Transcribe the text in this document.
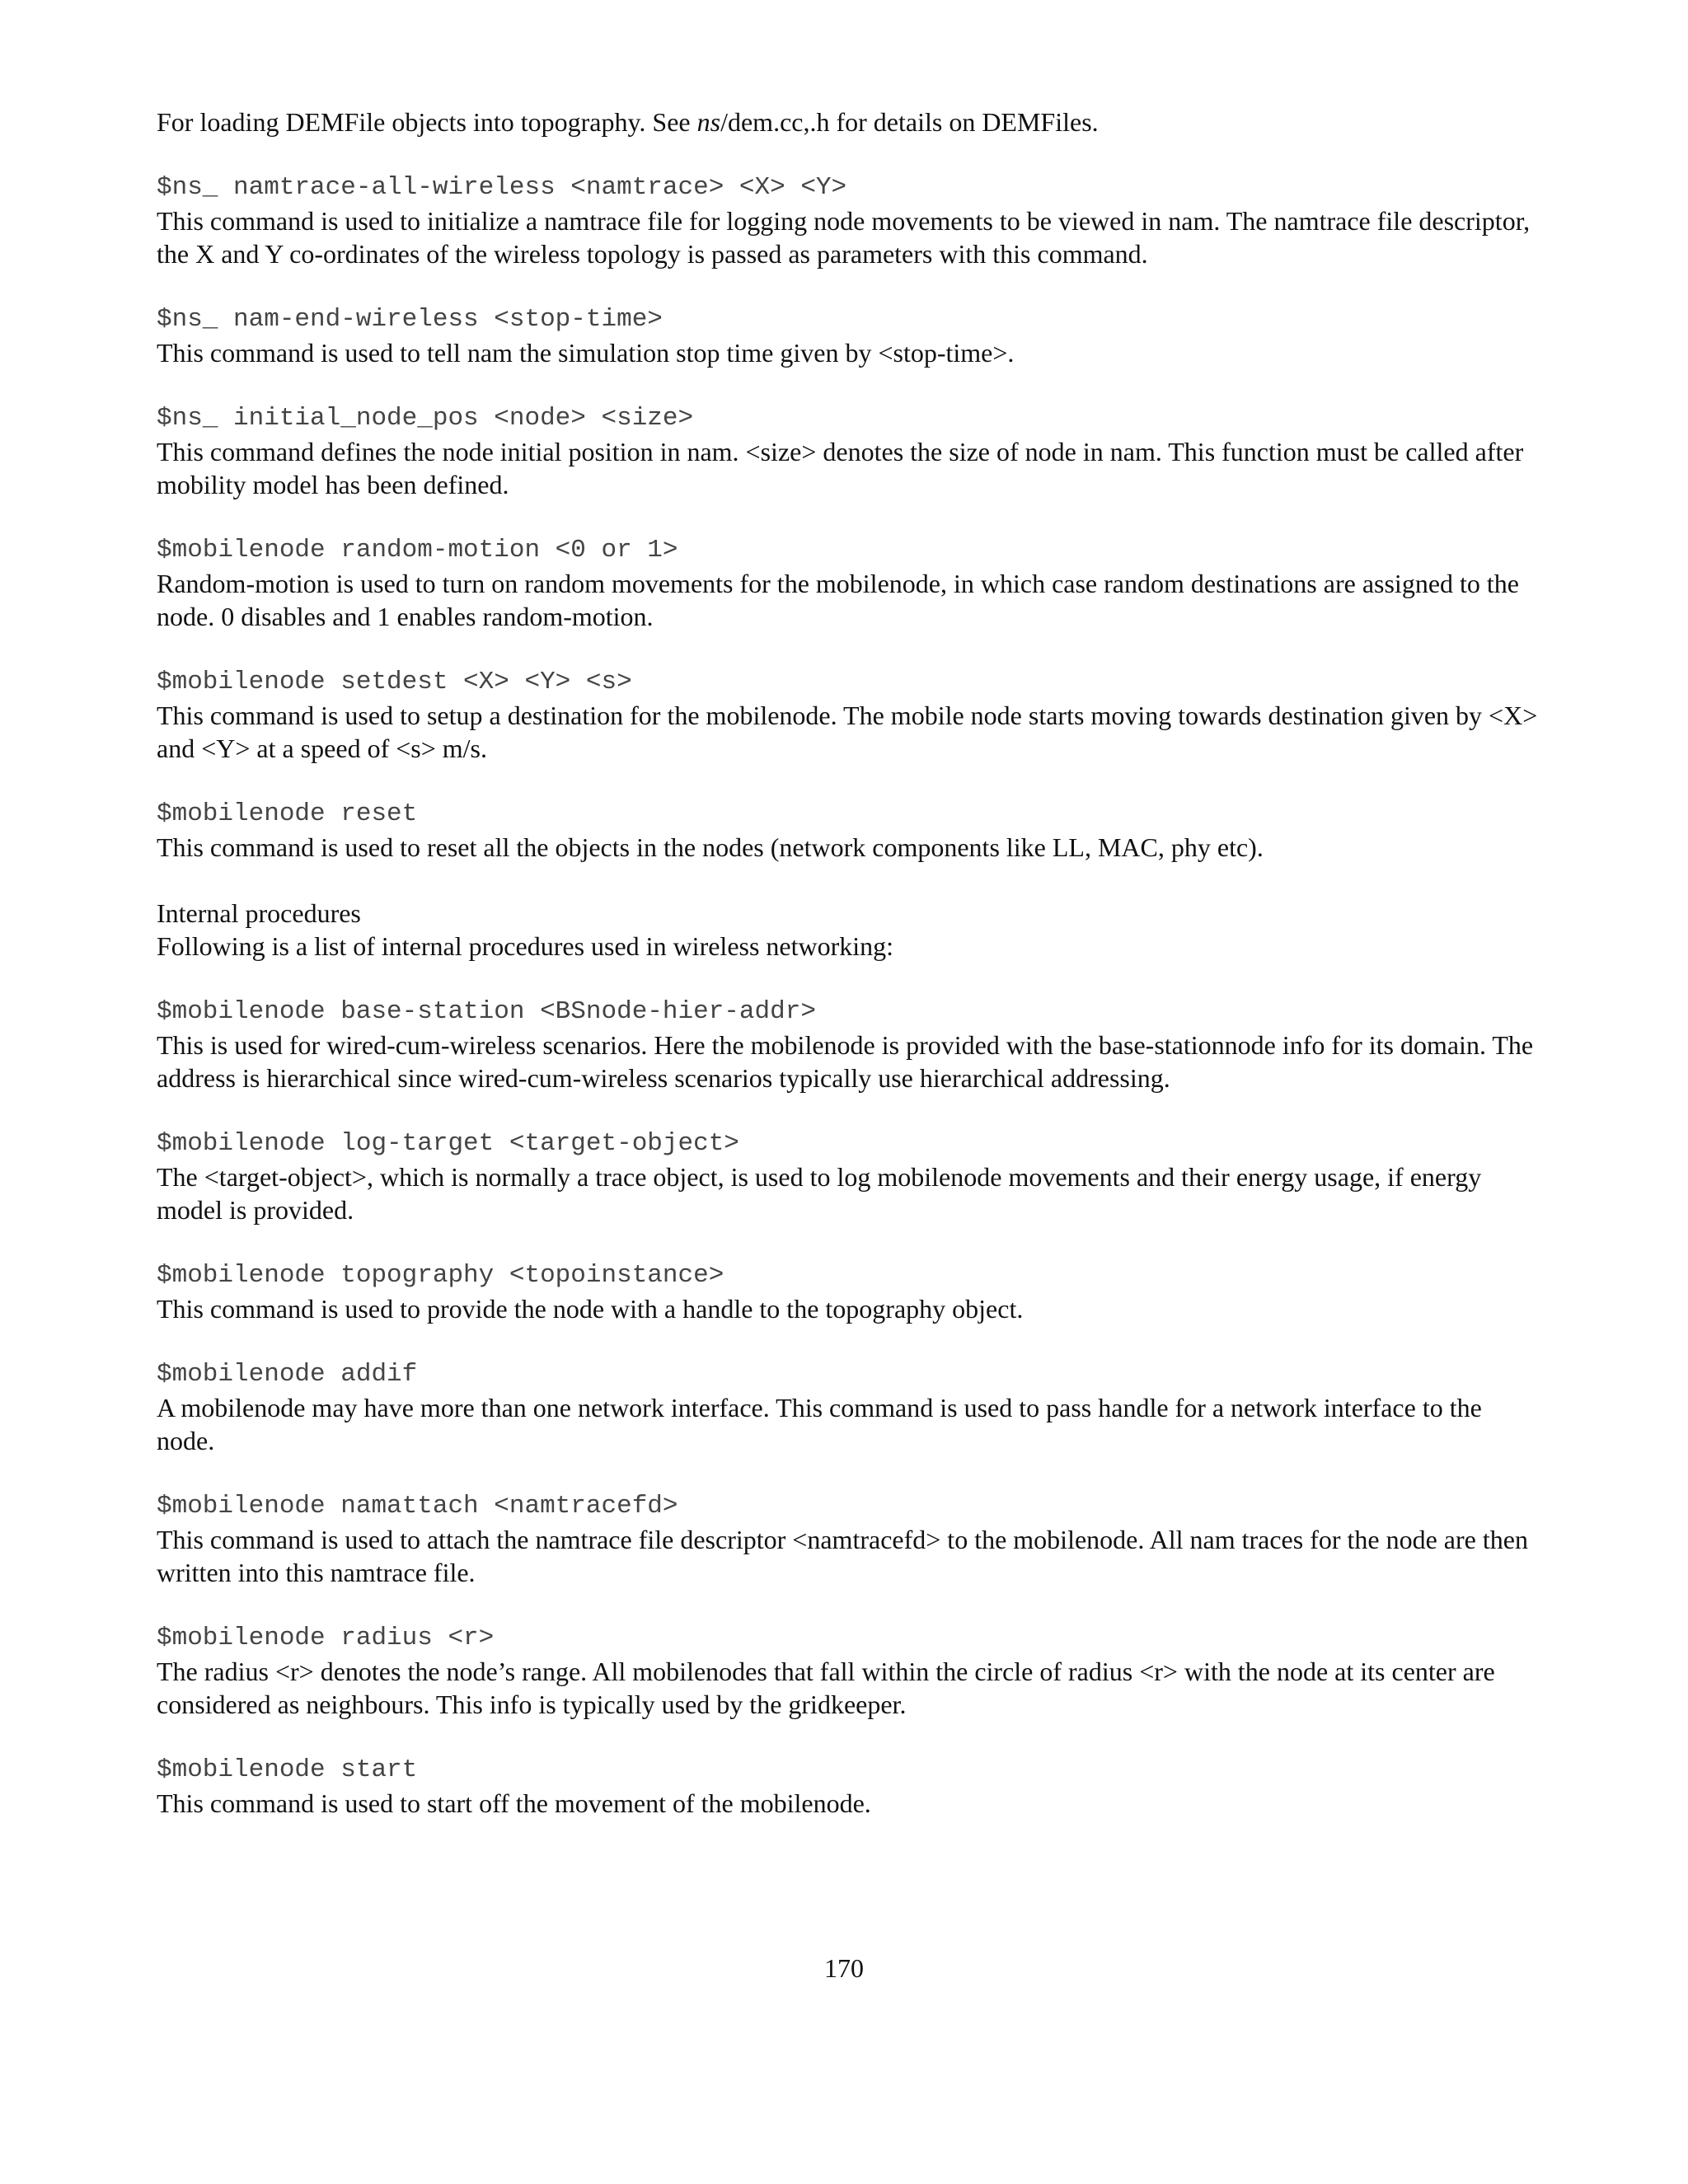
For loading DEMFile objects into topography. See ns/dem.cc,.h for details on DEMFiles.

$ns_ namtrace-all-wireless <namtrace> <X> <Y>
This command is used to initialize a namtrace file for logging node movements to be viewed in nam. The namtrace file descriptor, the X and Y co-ordinates of the wireless topology is passed as parameters with this command.
$ns_ nam-end-wireless <stop-time>
This command is used to tell nam the simulation stop time given by <stop-time>.
$ns_ initial_node_pos <node> <size>
This command defines the node initial position in nam. <size> denotes the size of node in nam. This function must be called after mobility model has been defined.
$mobilenode random-motion <0 or 1>
Random-motion is used to turn on random movements for the mobilenode, in which case random destinations are assigned to the node. 0 disables and 1 enables random-motion.
$mobilenode setdest <X> <Y> <s>
This command is used to setup a destination for the mobilenode. The mobile node starts moving towards destination given by <X> and <Y> at a speed of <s> m/s.
$mobilenode reset
This command is used to reset all the objects in the nodes (network components like LL, MAC, phy etc).
Internal procedures
Following is a list of internal procedures used in wireless networking:
$mobilenode base-station <BSnode-hier-addr>
This is used for wired-cum-wireless scenarios. Here the mobilenode is provided with the base-stationnode info for its domain. The address is hierarchical since wired-cum-wireless scenarios typically use hierarchical addressing.
$mobilenode log-target <target-object>
The <target-object>, which is normally a trace object, is used to log mobilenode movements and their energy usage, if energy model is provided.
$mobilenode topography <topoinstance>
This command is used to provide the node with a handle to the topography object.
$mobilenode addif
A mobilenode may have more than one network interface. This command is used to pass handle for a network interface to the node.
$mobilenode namattach <namtracefd>
This command is used to attach the namtrace file descriptor <namtracefd> to the mobilenode. All nam traces for the node are then written into this namtrace file.
$mobilenode radius <r>
The radius <r> denotes the node’s range. All mobilenodes that fall within the circle of radius <r> with the node at its center are considered as neighbours. This info is typically used by the gridkeeper.
$mobilenode start
This command is used to start off the movement of the mobilenode.
170
